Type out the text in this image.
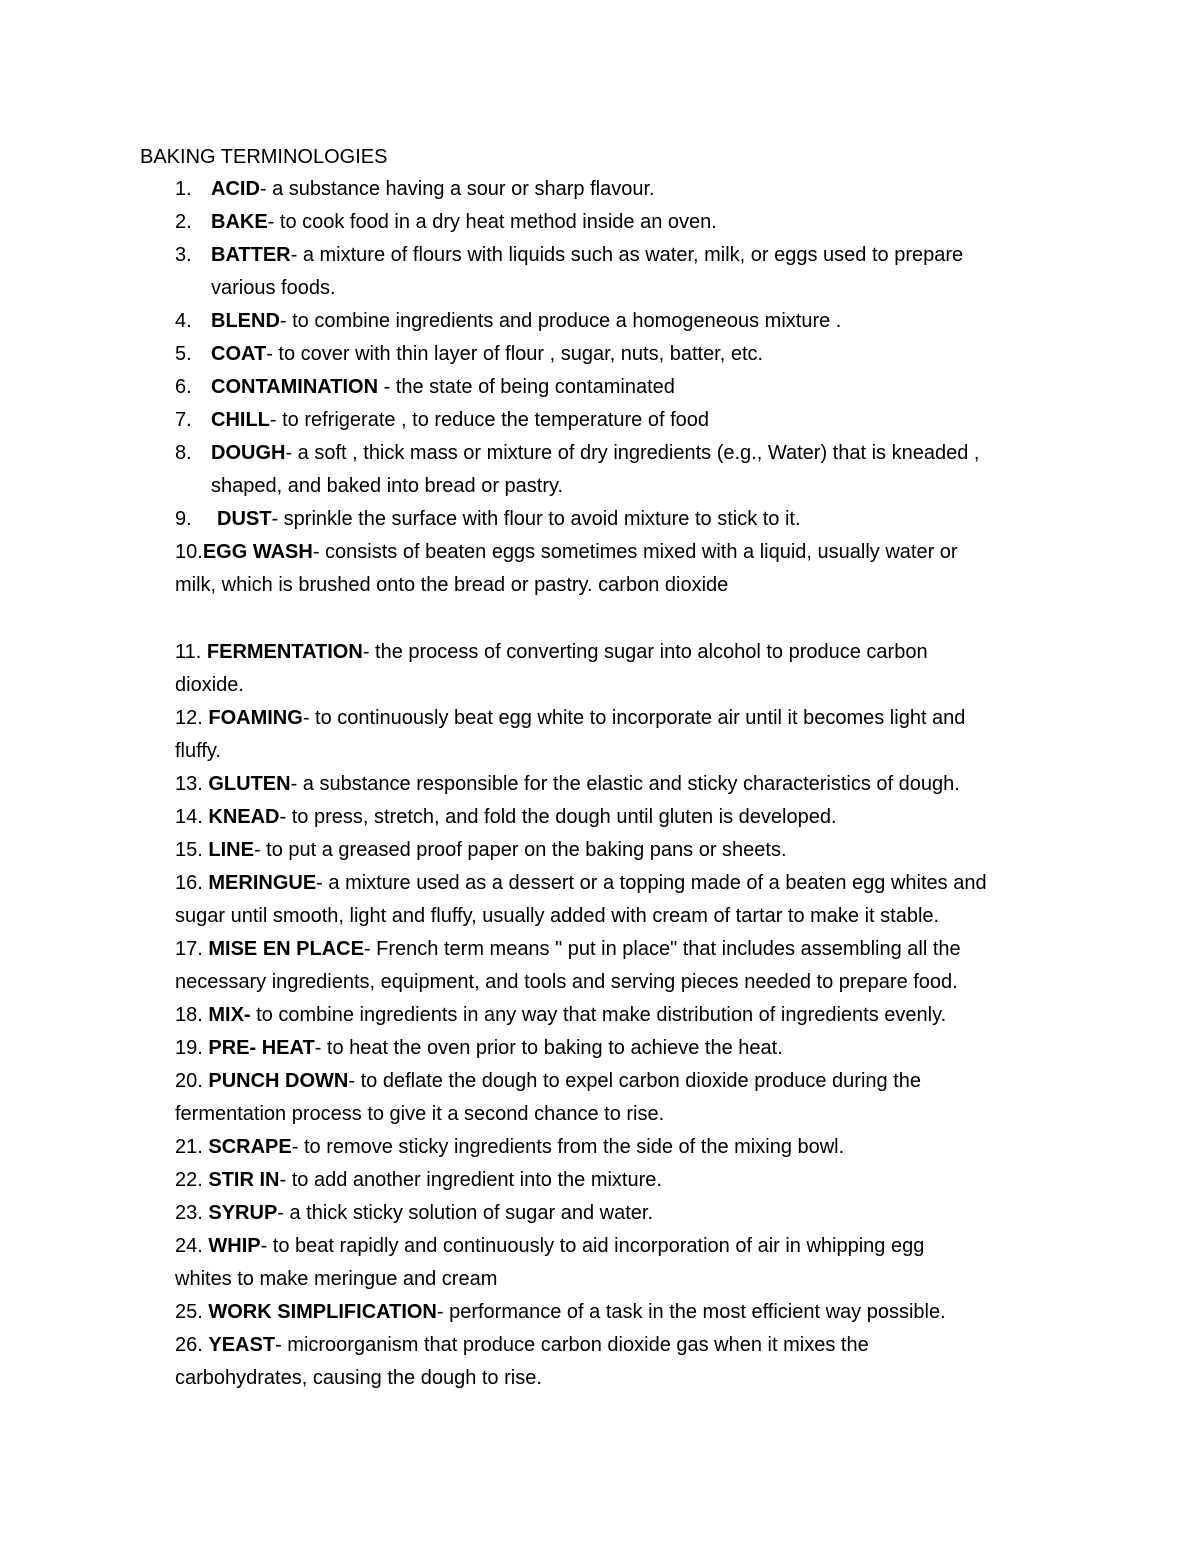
BAKING TERMINOLOGIES
1. ACID- a substance having a sour or sharp flavour.
2. BAKE- to cook food in a dry heat method inside an oven.
3. BATTER- a mixture of flours with liquids such as water, milk, or eggs used to prepare
various foods.
4. BLEND- to combine ingredients and produce a homogeneous mixture .
5. COAT- to cover with thin layer of flour , sugar, nuts, batter, etc.
6. CONTAMINATION - the state of being contaminated
7. CHILL- to refrigerate , to reduce the temperature of food
8. DOUGH- a soft , thick mass or mixture of dry ingredients (e.g., Water) that is kneaded ,
shaped, and baked into bread or pastry.
9. DUST- sprinkle the surface with flour to avoid mixture to stick to it.
10.EGG WASH- consists of beaten eggs sometimes mixed with a liquid, usually water or
milk, which is brushed onto the bread or pastry. carbon dioxide
11. FERMENTATION- the process of converting sugar into alcohol to produce carbon
dioxide.
12. FOAMING- to continuously beat egg white to incorporate air until it becomes light and
fluffy.
13. GLUTEN- a substance responsible for the elastic and sticky characteristics of dough.
14. KNEAD- to press, stretch, and fold the dough until gluten is developed.
15. LINE- to put a greased proof paper on the baking pans or sheets.
16. MERINGUE- a mixture used as a dessert or a topping made of a beaten egg whites and
sugar until smooth, light and fluffy, usually added with cream of tartar to make it stable.
17. MISE EN PLACE- French term means " put in place" that includes assembling all the
necessary ingredients, equipment, and tools and serving pieces needed to prepare food.
18. MIX- to combine ingredients in any way that make distribution of ingredients evenly.
19. PRE- HEAT- to heat the oven prior to baking to achieve the heat.
20. PUNCH DOWN- to deflate the dough to expel carbon dioxide produce during the
fermentation process to give it a second chance to rise.
21. SCRAPE- to remove sticky ingredients from the side of the mixing bowl.
22. STIR IN- to add another ingredient into the mixture.
23. SYRUP- a thick sticky solution of sugar and water.
24. WHIP- to beat rapidly and continuously to aid incorporation of air in whipping egg
whites to make meringue and cream
25. WORK SIMPLIFICATION- performance of a task in the most efficient way possible.
26. YEAST- microorganism that produce carbon dioxide gas when it mixes the
carbohydrates, causing the dough to rise.
